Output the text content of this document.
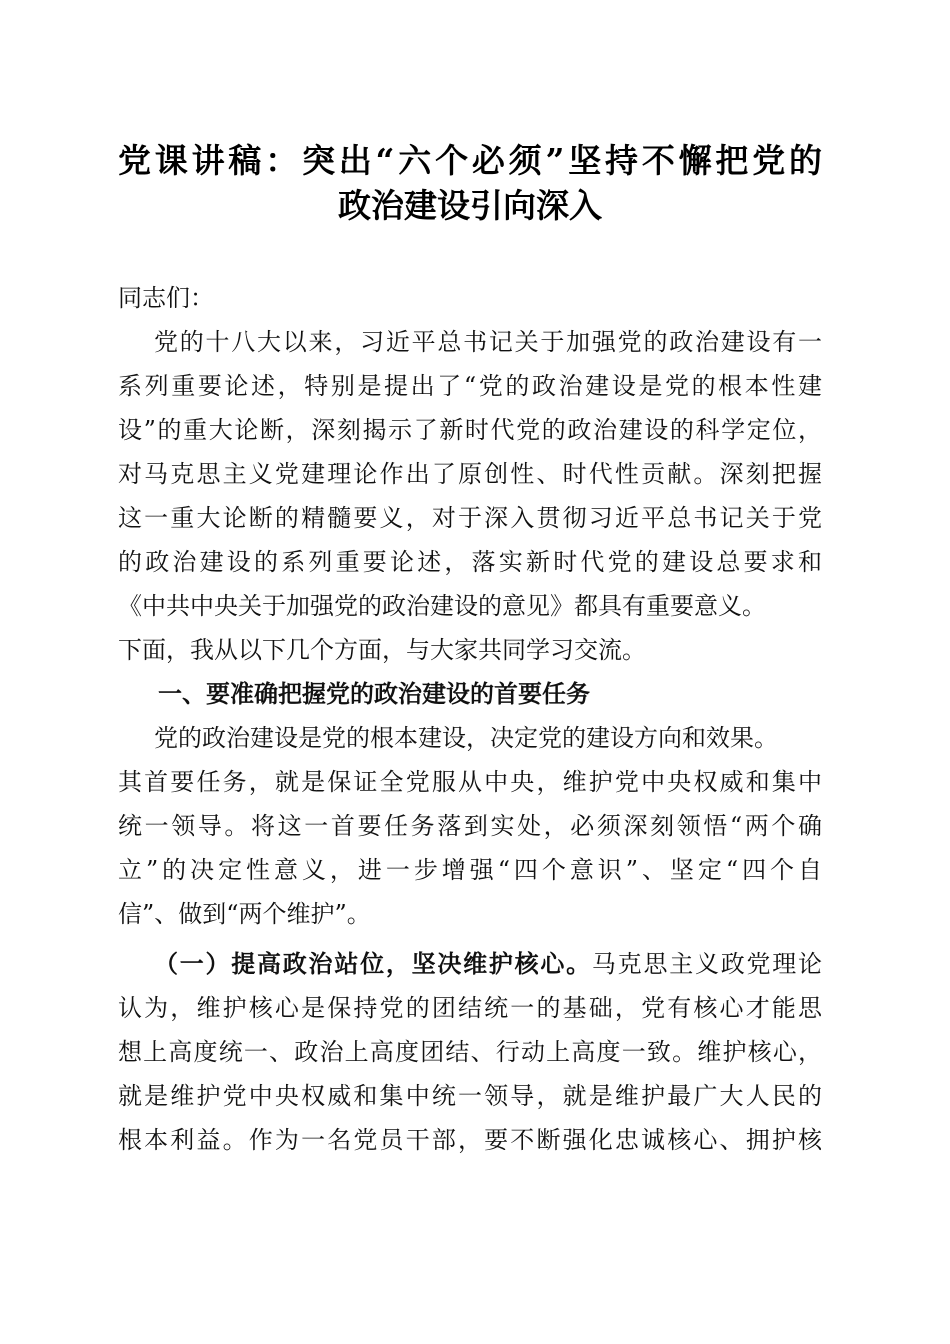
党课讲稿：突出“六个必须”坚持不懈把党的
政治建设引向深入
同志们：
党的十八大以来，习近平总书记关于加强党的政治建设有一
系列重要论述，特别是提出了“党的政治建设是党的根本性建
设”的重大论断，深刻揭示了新时代党的政治建设的科学定位，
对马克思主义党建理论作出了原创性、时代性贡献。深刻把握
这一重大论断的精髓要义，对于深入贯彻习近平总书记关于党
的政治建设的系列重要论述，落实新时代党的建设总要求和
《中共中央关于加强党的政治建设的意见》都具有重要意义。
下面，我从以下几个方面，与大家共同学习交流。
一、要准确把握党的政治建设的首要任务
党的政治建设是党的根本建设，决定党的建设方向和效果。
其首要任务，就是保证全党服从中央，维护党中央权威和集中
统一领导。将这一首要任务落到实处，必须深刻领悟“两个确
立”的决定性意义，进一步增强“四个意识”、坚定“四个自
信”、做到“两个维护”。
（一）提高政治站位，坚决维护核心。马克思主义政党理论
认为，维护核心是保持党的团结统一的基础，党有核心才能思
想上高度统一、政治上高度团结、行动上高度一致。维护核心，
就是维护党中央权威和集中统一领导，就是维护最广大人民的
根本利益。作为一名党员干部，要不断强化忠诚核心、拥护核
